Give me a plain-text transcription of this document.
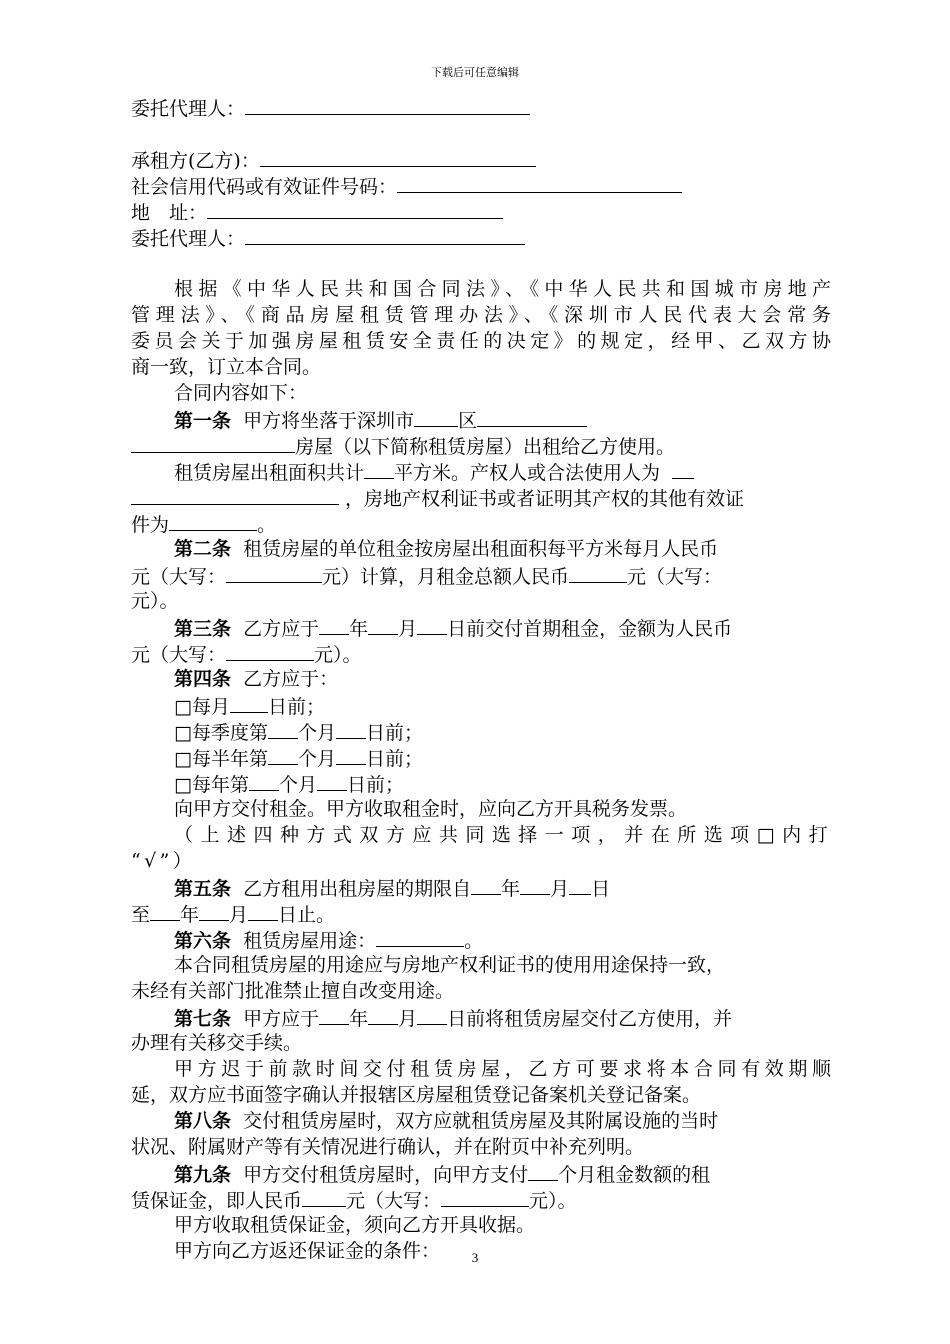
下载后可任意编辑
委托代理人：
承租方(乙方)：
社会信用代码或有效证件号码：
地　址：
委托代理人：
根据《中华人民共和国合同法》、《中华人民共和国城市房地产
管理法》、《商品房屋租赁管理办法》、《深圳市人民代表大会常务
委员会关于加强房屋租赁安全责任的决定》的规定，经甲、乙双方协
商一致，订立本合同。
合同内容如下：
第一条 甲方将坐落于深圳市 区
房屋（以下简称租赁房屋）出租给乙方使用。
租赁房屋出租面积共计 平方米。产权人或合法使用人为
，房地产权利证书或者证明其产权的其他有效证
件为	。
第二条 租赁房屋的单位租金按房屋出租面积每平方米每月人民币
元（大写：	元）计算，月租金总额人民币	元（大写：
元）。
第三条 乙方应于 年 月 日前交付首期租金，金额为人民币
元（大写：	元）。
第四条 乙方应于：
□每月 日前；
□每季度第 个月 日前；
□每半年第 个月 日前；
□每年第 个月 日前；
向甲方交付租金。甲方收取租金时，应向乙方开具税务发票。
（上述四种方式双方应共同选择一项，并在所选项□内打
“√”）
第五条 乙方租用出租房屋的期限自 年 月 日
至 年 月 日止。
第六条 租赁房屋用途：	。
本合同租赁房屋的用途应与房地产权利证书的使用用途保持一致，
未经有关部门批准禁止擅自改变用途。
第七条 甲方应于 年 月 日前将租赁房屋交付乙方使用，并
办理有关移交手续。
甲方迟于前款时间交付租赁房屋，乙方可要求将本合同有效期顺
延，双方应书面签字确认并报辖区房屋租赁登记备案机关登记备案。
第八条 交付租赁房屋时，双方应就租赁房屋及其附属设施的当时
状况、附属财产等有关情况进行确认，并在附页中补充列明。
第九条 甲方交付租赁房屋时，向甲方支付 个月租金数额的租
赁保证金，即人民币 元（大写：	元）。
甲方收取租赁保证金，须向乙方开具收据。
甲方向乙方返还保证金的条件：	3
